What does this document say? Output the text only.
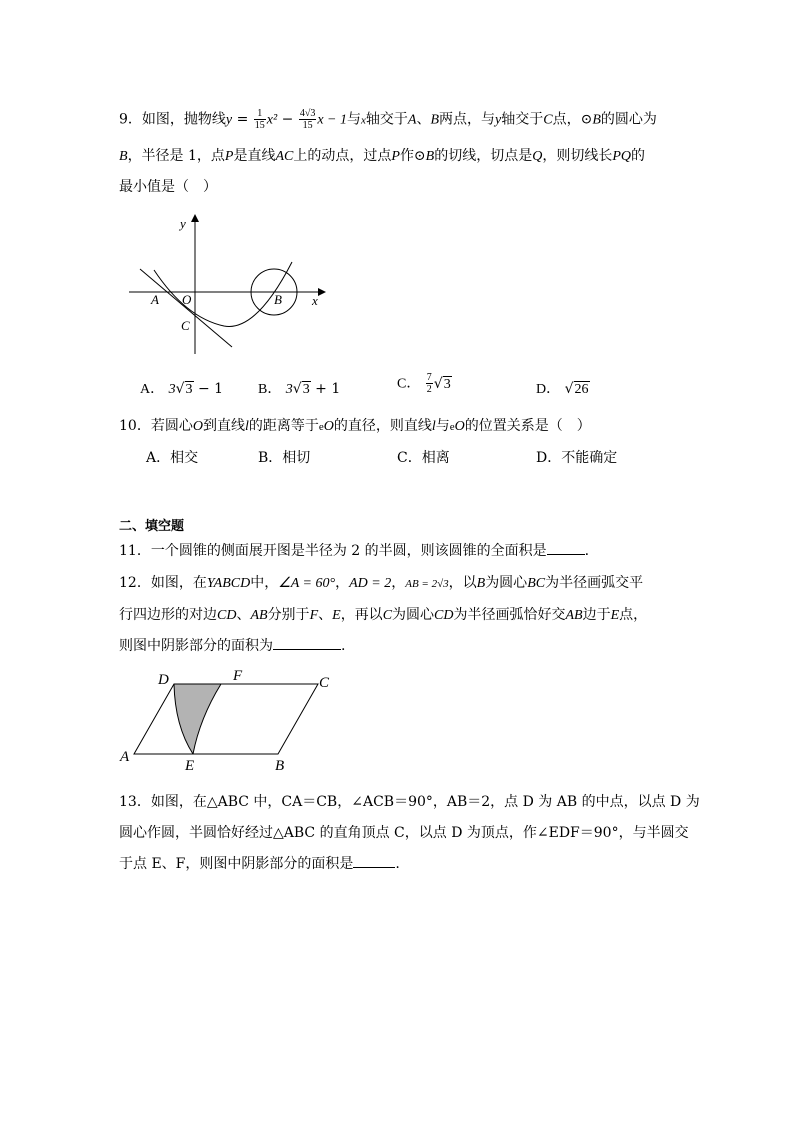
9．如图，抛物线$y = \frac{1}{15} x^2 - \frac{4√3}{15}$ x − 1与x轴交于A、B两点，与y轴交于C点，⊙B的圆心为
B，半径是 1，点P是直线AC上的动点，过点P作⊙B的切线，切点是Q，则切线长PQ的
最小值是（　）
y
x
A O	B
C
A． 3√3 − 1 B． 3√3 + 1	C． $\frac{7}{2} √3$	D． √26
10．若圆心O到直线l的距离等于eO的直径，则直线l与eO的位置关系是（　）
A．相交	B．相切	C．相离	D．不能确定
二、填空题
11．一个圆锥的侧面展开图是半径为 2 的半圆，则该圆锥的全面积是	.
12．如图，在YABCD中，∠A = 60°，AD = 2，AB = 2√3，以B为圆心BC为半径画弧交平
行四边形的对边CD、AB分别于F、E，再以C为圆心CD为半径画弧恰好交AB边于E点，
则图中阴影部分的面积为	.
D	F	C
A
E	B
13．如图，在△ABC 中，CA＝CB，∠ACB＝90°，AB＝2，点 D 为 AB 的中点，以点 D 为
圆心作圆，半圆恰好经过△ABC 的直角顶点 C，以点 D 为顶点，作∠EDF＝90°，与半圆交
于点 E、F，则图中阴影部分的面积是	.
